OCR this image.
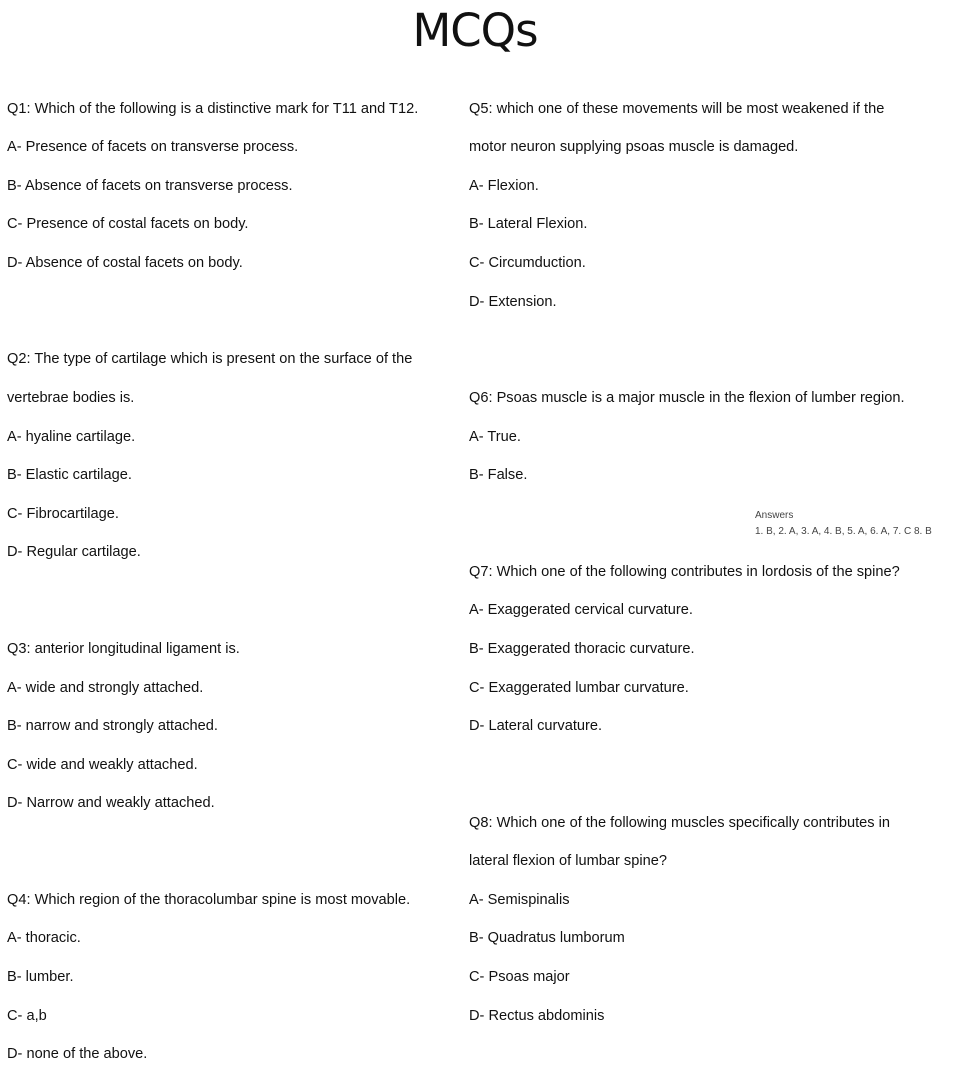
MCQs

Q1: Which of the following is a distinctive mark for T11 and T12.

A- Presence of facets on transverse process.

B- Absence of facets on transverse process.

C- Presence of costal facets on body.

D- Absence of costal facets on body.

Q2: The type of cartilage which is present on the surface of the

vertebrae bodies is.

A- hyaline cartilage.

B- Elastic cartilage.

C- Fibrocartilage.

D- Regular cartilage.

Q3: anterior longitudinal ligament is.

A- wide and strongly attached.

B- narrow and strongly attached.

C- wide and weakly attached.

D- Narrow and weakly attached.

Q4: Which region of the thoracolumbar spine is most movable.

A- thoracic.

B- lumber.

C- a,b

D- none of the above.

Q5: which one of these movements will be most weakened if the

motor neuron supplying psoas muscle is damaged.

A- Flexion.

B- Lateral Flexion.

C- Circumduction.

D- Extension.

Q6: Psoas muscle is a major muscle in the flexion of lumber region.

A- True.

B- False.

Q7: Which one of the following contributes in lordosis of the spine?

A- Exaggerated cervical curvature.

B- Exaggerated thoracic curvature.

C- Exaggerated lumbar curvature.

D- Lateral curvature.

Q8: Which one of the following muscles specifically contributes in

lateral flexion of lumbar spine?

A- Semispinalis

B- Quadratus lumborum

C- Psoas major

D- Rectus abdominis

Answers

1. B, 2. A, 3. A, 4. B, 5. A, 6. A, 7. C 8. B
